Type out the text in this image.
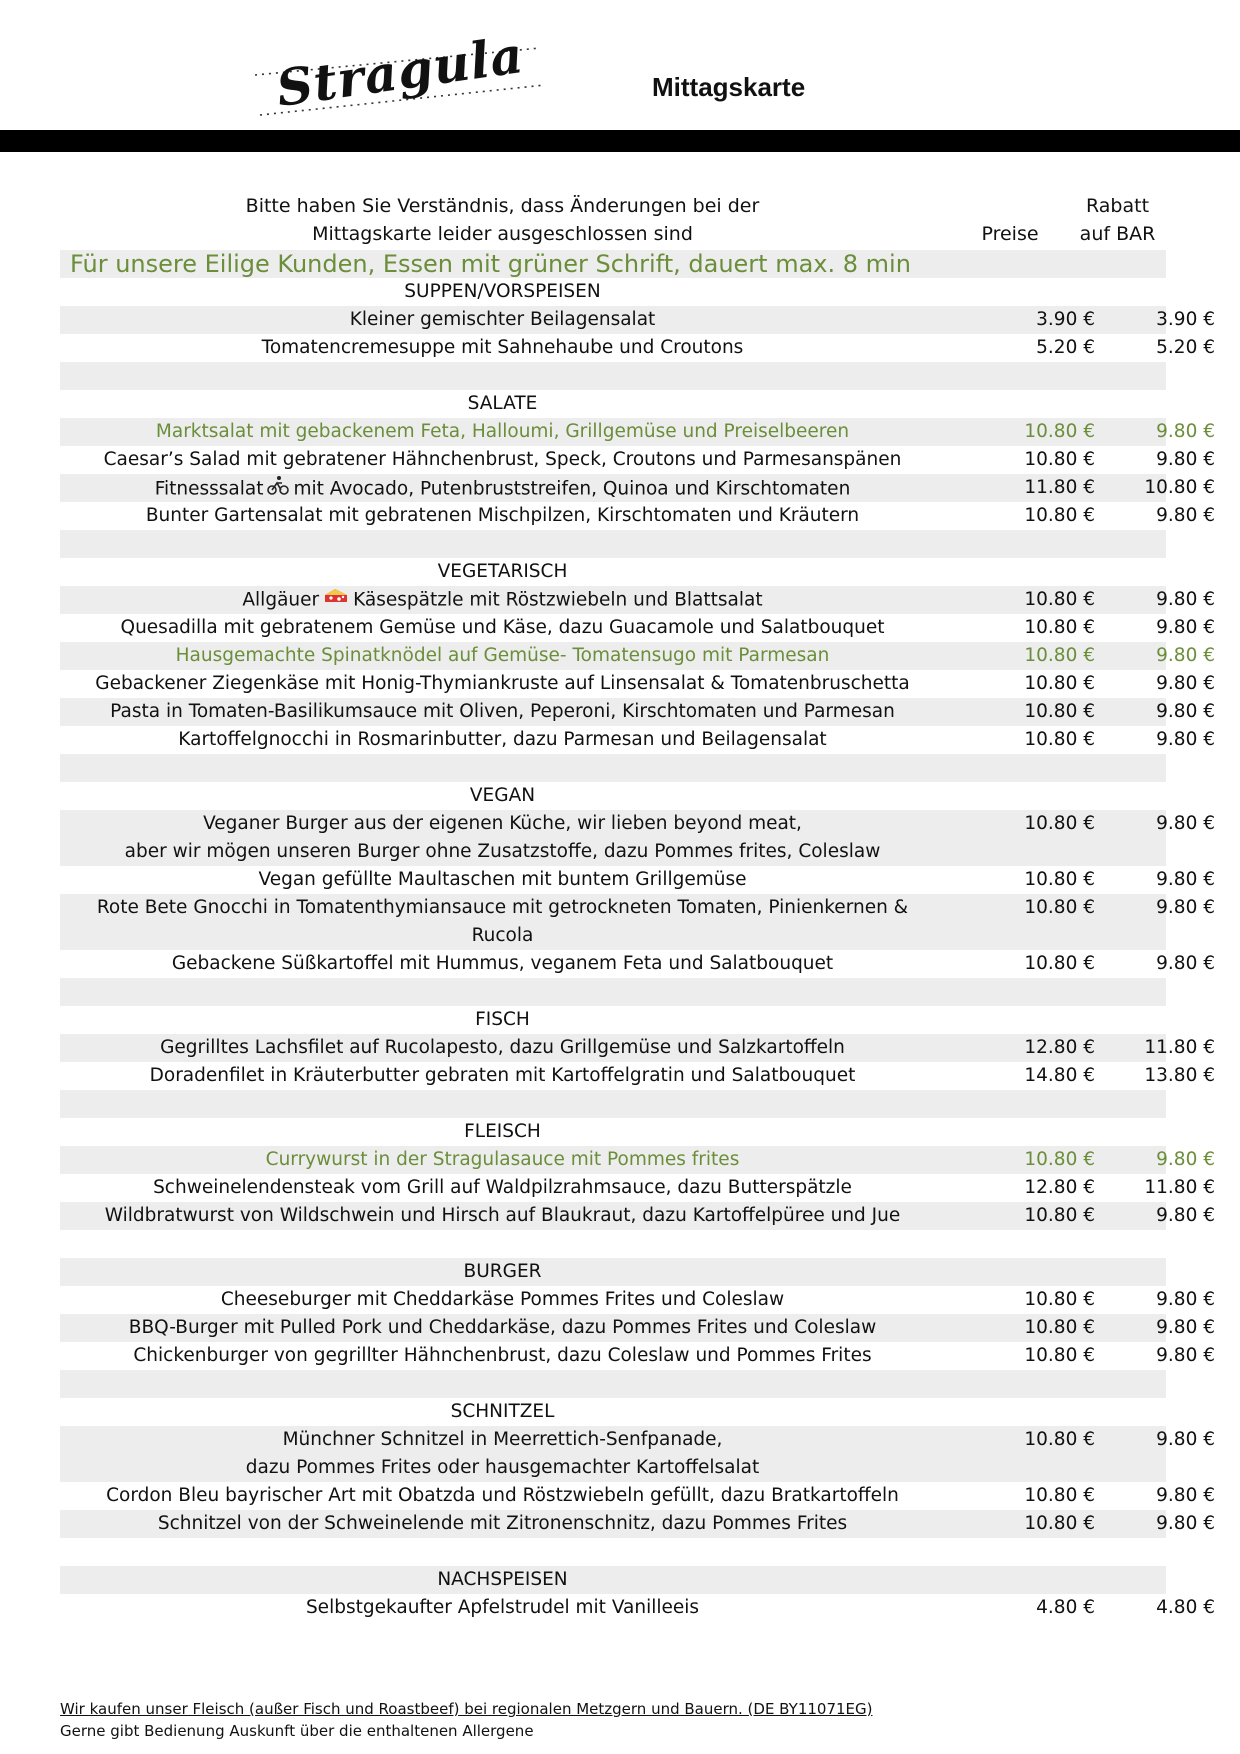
Stragula	Mittagskarte
Bitte haben Sie Verständnis, dass Änderungen bei der
Mittagskarte leider ausgeschlossen sind	Preise
Rabatt
auf BAR
Für unsere Eilige Kunden, Essen mit grüner Schrift, dauert max. 8 min
SUPPEN/VORSPEISEN
Kleiner gemischter Beilagensalat	3.90 €	3.90 €
Tomatencremesuppe mit Sahnehaube und Croutons	5.20 €	5.20 €
SALATE
Marktsalat mit gebackenem Feta, Halloumi, Grillgemüse und Preiselbeeren	10.80 €	9.80 €
Caesar’s Salad mit gebratener Hähnchenbrust, Speck, Croutons und Parmesanspänen	10.80 €	9.80 €
Fitnesssalat mit Avocado, Putenbruststreifen, Quinoa und Kirschtomaten	11.80 €	10.80 €
Bunter Gartensalat mit gebratenen Mischpilzen, Kirschtomaten und Kräutern	10.80 €	9.80 €
VEGETARISCH
Allgäuer Käsespätzle mit Röstzwiebeln und Blattsalat	10.80 €	9.80 €
Quesadilla mit gebratenem Gemüse und Käse, dazu Guacamole und Salatbouquet	10.80 €	9.80 €
Hausgemachte Spinatknödel auf Gemüse- Tomatensugo mit Parmesan	10.80 €	9.80 €
Gebackener Ziegenkäse mit Honig-Thymiankruste auf Linsensalat & Tomatenbruschetta	10.80 €	9.80 €
Pasta in Tomaten-Basilikumsauce mit Oliven, Peperoni, Kirschtomaten und Parmesan	10.80 €	9.80 €
Kartoffelgnocchi in Rosmarinbutter, dazu Parmesan und Beilagensalat	10.80 €	9.80 €
VEGAN
Veganer Burger aus der eigenen Küche, wir lieben beyond meat,
aber wir mögen unseren Burger ohne Zusatzstoffe, dazu Pommes frites, Coleslaw
10.80 €	9.80 €
Vegan gefüllte Maultaschen mit buntem Grillgemüse	10.80 €	9.80 €
Rote Bete Gnocchi in Tomatenthymiansauce mit getrockneten Tomaten, Pinienkernen &
Rucola
10.80 €	9.80 €
Gebackene Süßkartoffel mit Hummus, veganem Feta und Salatbouquet	10.80 €	9.80 €
FISCH
Gegrilltes Lachsfilet auf Rucolapesto, dazu Grillgemüse und Salzkartoffeln	12.80 €	11.80 €
Doradenfilet in Kräuterbutter gebraten mit Kartoffelgratin und Salatbouquet	14.80 €	13.80 €
FLEISCH
Currywurst in der Stragulasauce mit Pommes frites	10.80 €	9.80 €
Schweinelendensteak vom Grill auf Waldpilzrahmsauce, dazu Butterspätzle	12.80 €	11.80 €
Wildbratwurst von Wildschwein und Hirsch auf Blaukraut, dazu Kartoffelpüree und Jue	10.80 €	9.80 €
BURGER
Cheeseburger mit Cheddarkäse Pommes Frites und Coleslaw	10.80 €	9.80 €
BBQ-Burger mit Pulled Pork und Cheddarkäse, dazu Pommes Frites und Coleslaw	10.80 €	9.80 €
Chickenburger von gegrillter Hähnchenbrust, dazu Coleslaw und Pommes Frites	10.80 €	9.80 €
SCHNITZEL
Münchner Schnitzel in Meerrettich-Senfpanade,
dazu Pommes Frites oder hausgemachter Kartoffelsalat
10.80 €	9.80 €
Cordon Bleu bayrischer Art mit Obatzda und Röstzwiebeln gefüllt, dazu Bratkartoffeln	10.80 €	9.80 €
Schnitzel von der Schweinelende mit Zitronenschnitz, dazu Pommes Frites	10.80 €	9.80 €
NACHSPEISEN
Selbstgekaufter Apfelstrudel mit Vanilleeis	4.80 €	4.80 €
Wir kaufen unser Fleisch (außer Fisch und Roastbeef) bei regionalen Metzgern und Bauern. (DE BY11071EG)
Gerne gibt Bedienung Auskunft über die enthaltenen Allergene
